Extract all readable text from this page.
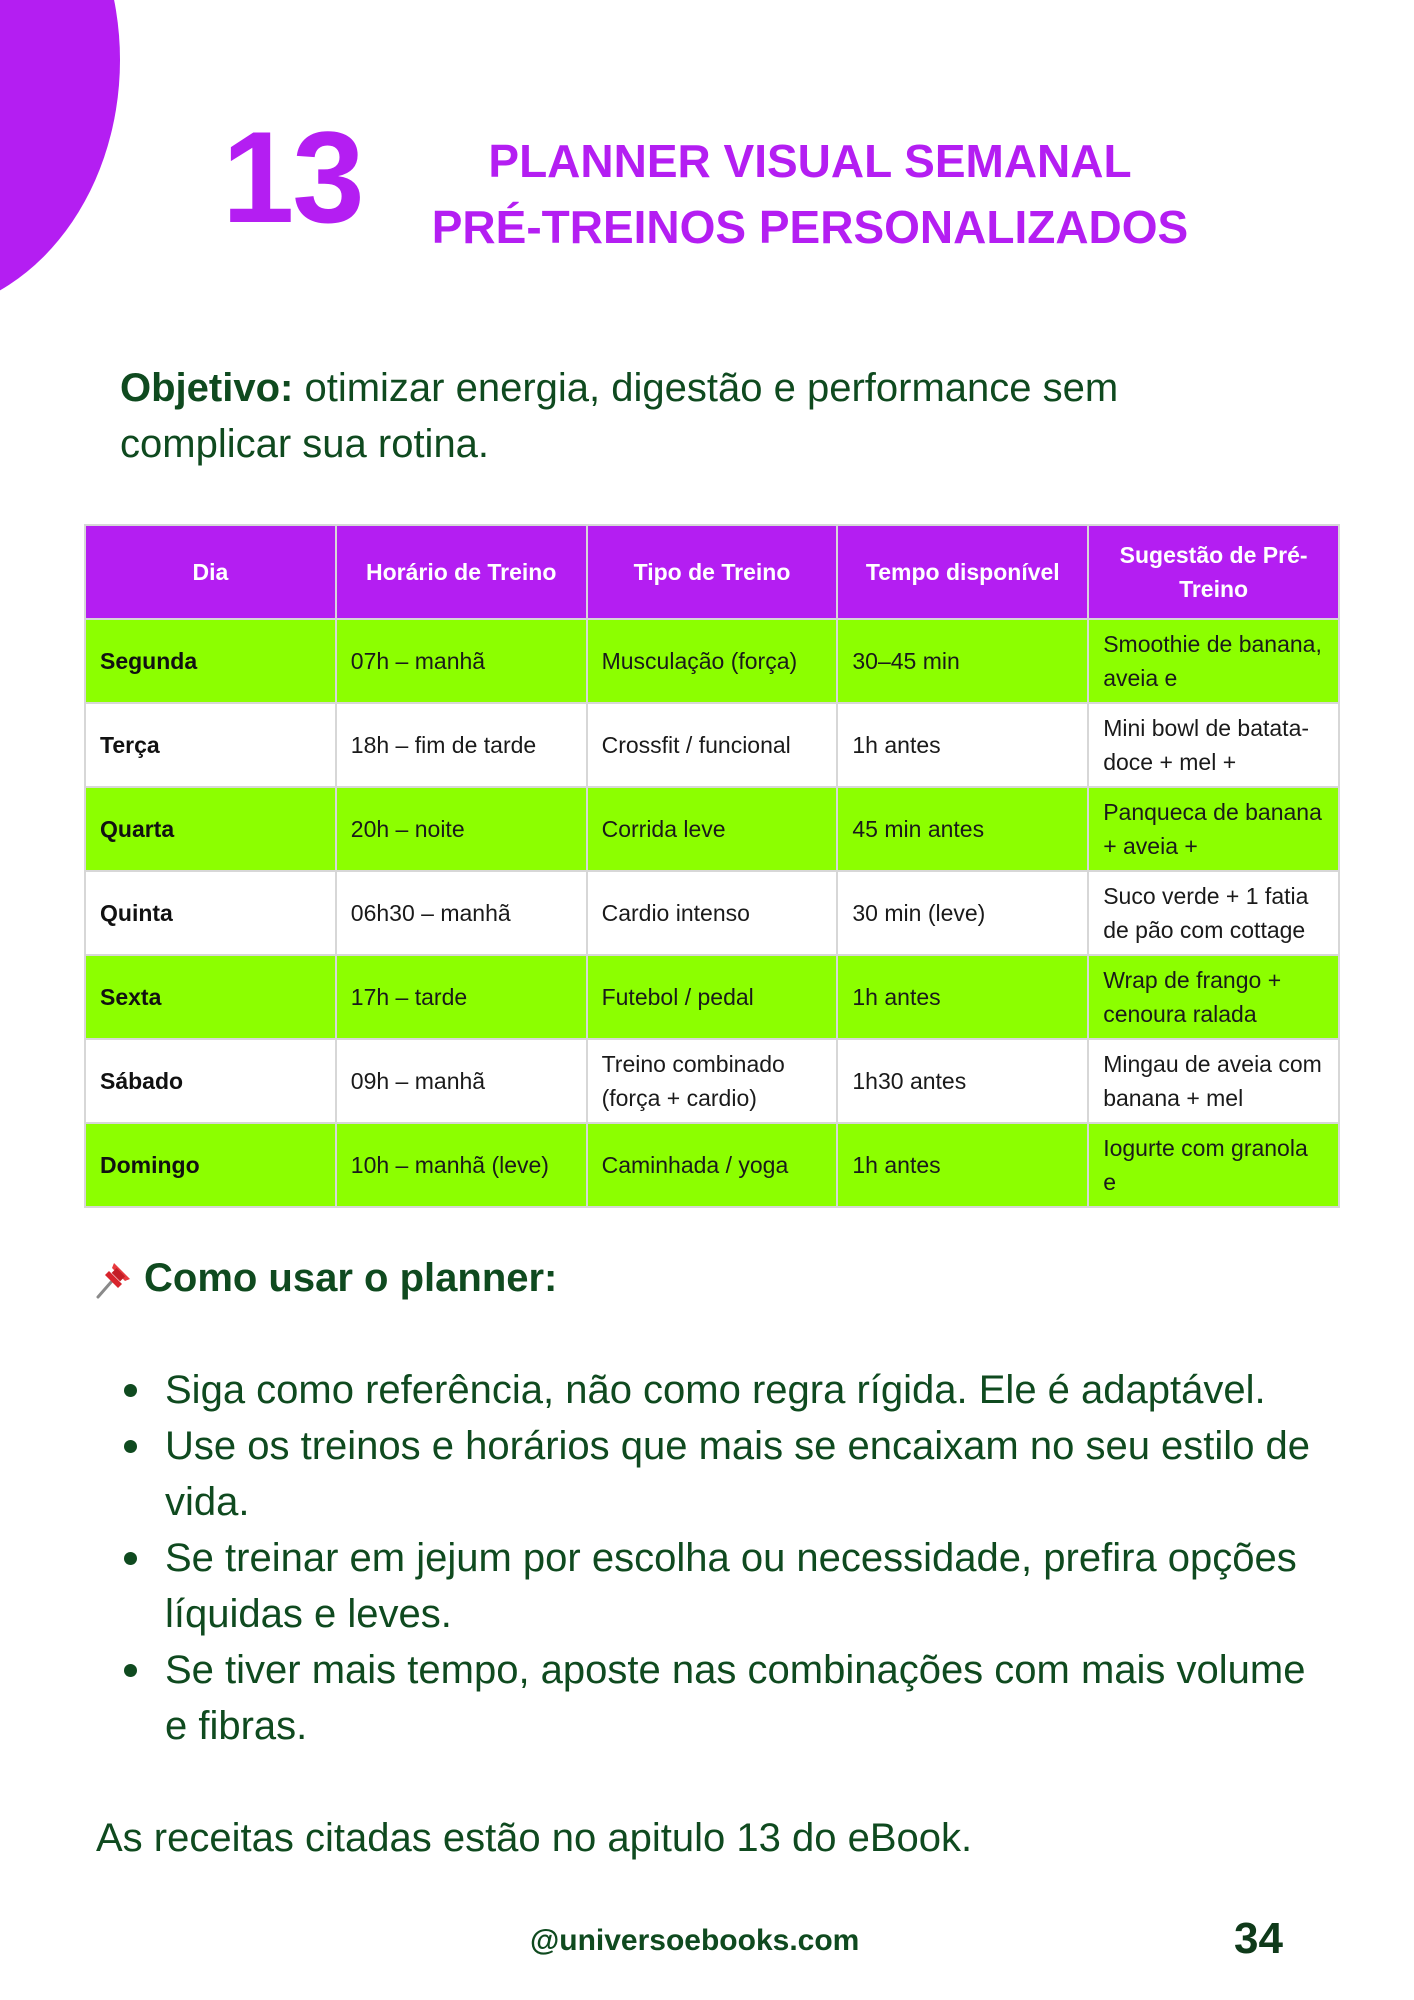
13	PLANNER VISUAL SEMANAL
PRÉ-TREINOS PERSONALIZADOS
Objetivo: otimizar energia, digestão e performance sem complicar sua rotina.
Dia	Horário de Treino	Tipo de Treino	Tempo disponível	Sugestão de Pré-Treino
Segunda	07h – manhã	Musculação (força)	30–45 min	Smoothie de banana, aveia e
Terça	18h – fim de tarde	Crossfit / funcional	1h antes	Mini bowl de batata-doce + mel +
Quarta	20h – noite	Corrida leve	45 min antes	Panqueca de banana + aveia +
Quinta	06h30 – manhã	Cardio intenso	30 min (leve)	Suco verde + 1 fatia de pão com cottage
Sexta	17h – tarde	Futebol / pedal	1h antes	Wrap de frango + cenoura ralada
Sábado	09h – manhã	Treino combinado (força + cardio)	1h30 antes	Mingau de aveia com banana + mel
Domingo	10h – manhã (leve)	Caminhada / yoga	1h antes	Iogurte com granola e
Como usar o planner:
Siga como referência, não como regra rígida. Ele é adaptável.
Use os treinos e horários que mais se encaixam no seu estilo de vida.
Se treinar em jejum por escolha ou necessidade, prefira opções líquidas e leves.
Se tiver mais tempo, aposte nas combinações com mais volume e fibras.
As receitas citadas estão no apitulo 13 do eBook.
@universoebooks.com	34
